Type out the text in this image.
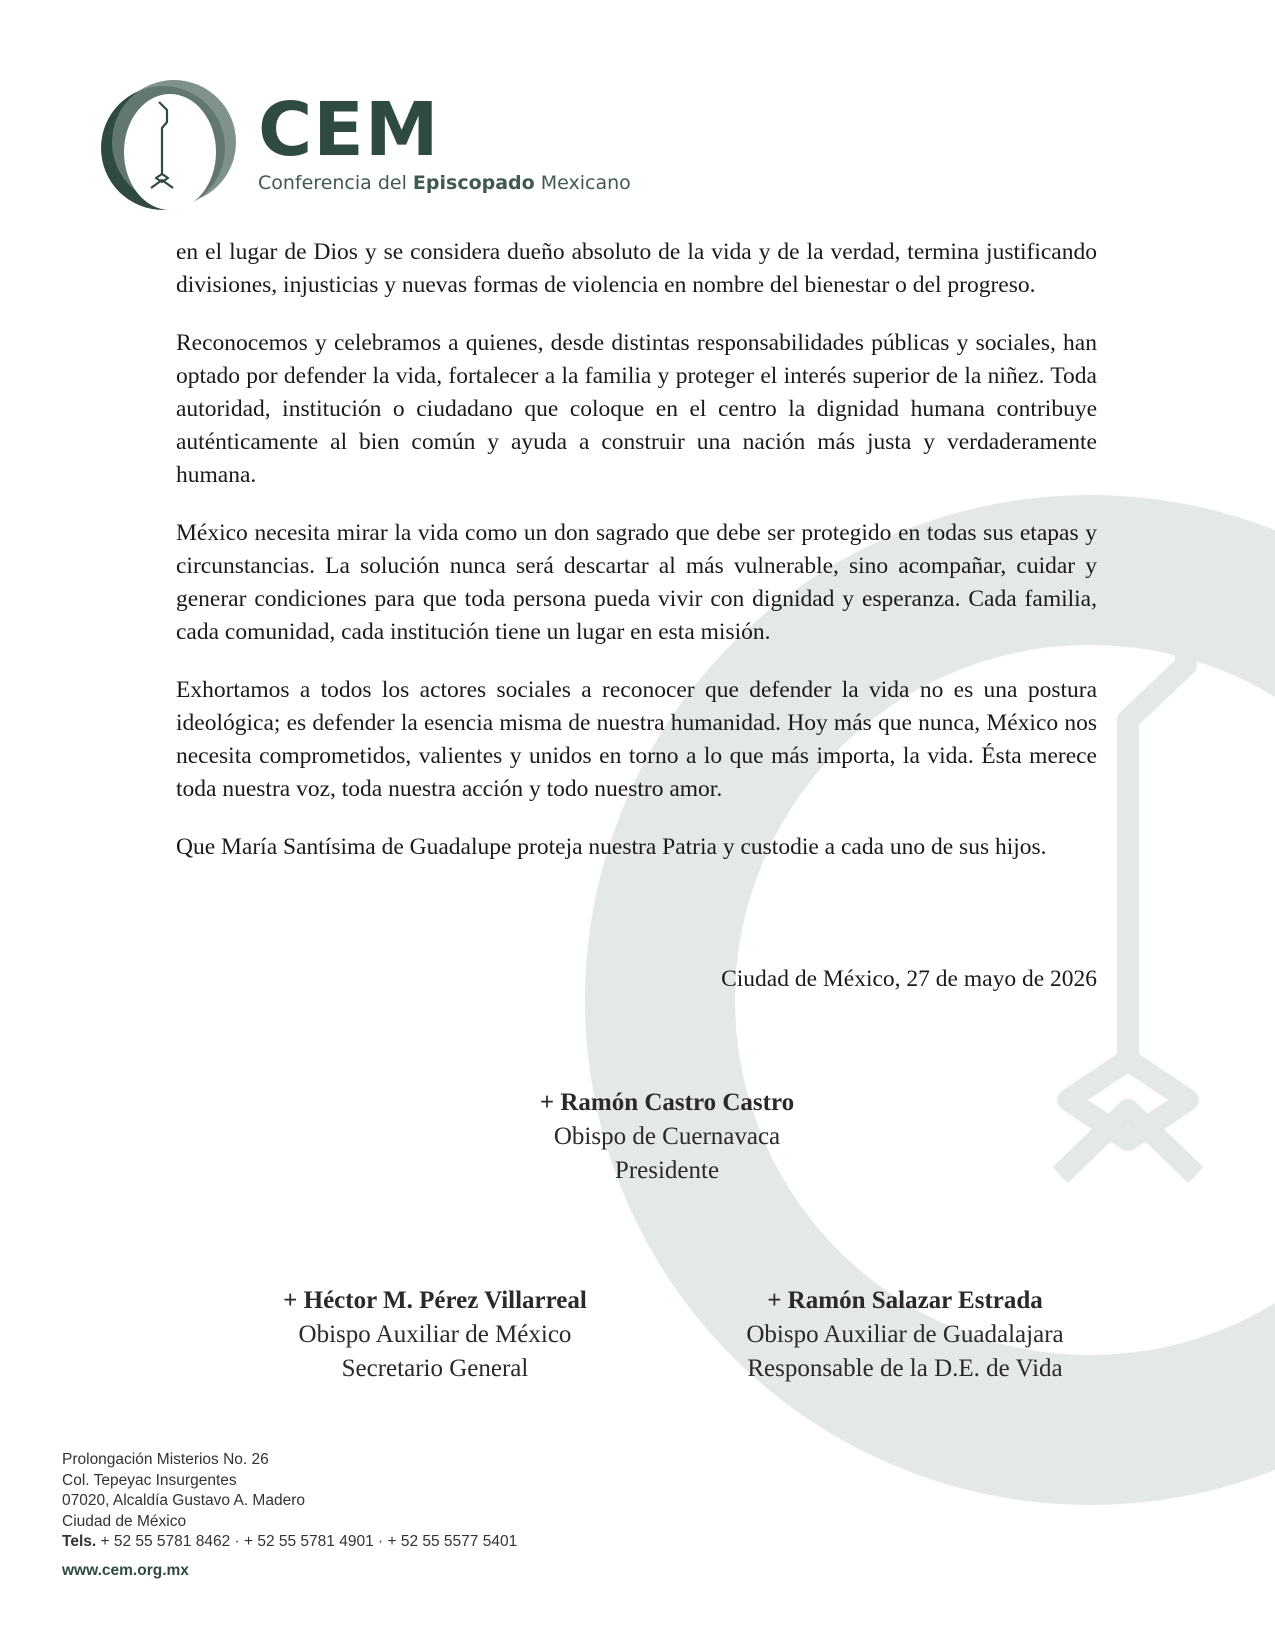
CEM
Conferencia del Episcopado Mexicano

en el lugar de Dios y se considera dueño absoluto de la vida y de la verdad, termina justificando divisiones, injusticias y nuevas formas de violencia en nombre del bienestar o del progreso.

Reconocemos y celebramos a quienes, desde distintas responsabilidades públicas y sociales, han optado por defender la vida, fortalecer a la familia y proteger el interés superior de la niñez. Toda autoridad, institución o ciudadano que coloque en el centro la dignidad humana contribuye auténticamente al bien común y ayuda a construir una nación más justa y verdaderamente humana.

México necesita mirar la vida como un don sagrado que debe ser protegido en todas sus etapas y circunstancias. La solución nunca será descartar al más vulnerable, sino acompañar, cuidar y generar condiciones para que toda persona pueda vivir con dignidad y esperanza. Cada familia, cada comunidad, cada institución tiene un lugar en esta misión.

Exhortamos a todos los actores sociales a reconocer que defender la vida no es una postura ideológica; es defender la esencia misma de nuestra humanidad. Hoy más que nunca, México nos necesita comprometidos, valientes y unidos en torno a lo que más importa, la vida. Ésta merece toda nuestra voz, toda nuestra acción y todo nuestro amor.

Que María Santísima de Guadalupe proteja nuestra Patria y custodie a cada uno de sus hijos.

Ciudad de México, 27 de mayo de 2026
+ Ramón Castro Castro
Obispo de Cuernavaca
Presidente
+ Héctor M. Pérez Villarreal
Obispo Auxiliar de México
Secretario General
+ Ramón Salazar Estrada
Obispo Auxiliar de Guadalajara
Responsable de la D.E. de Vida
Prolongación Misterios No. 26
Col. Tepeyac Insurgentes
07020, Alcaldía Gustavo A. Madero
Ciudad de México
Tels. + 52 55 5781 8462 · + 52 55 5781 4901 · + 52 55 5577 5401
www.cem.org.mx
